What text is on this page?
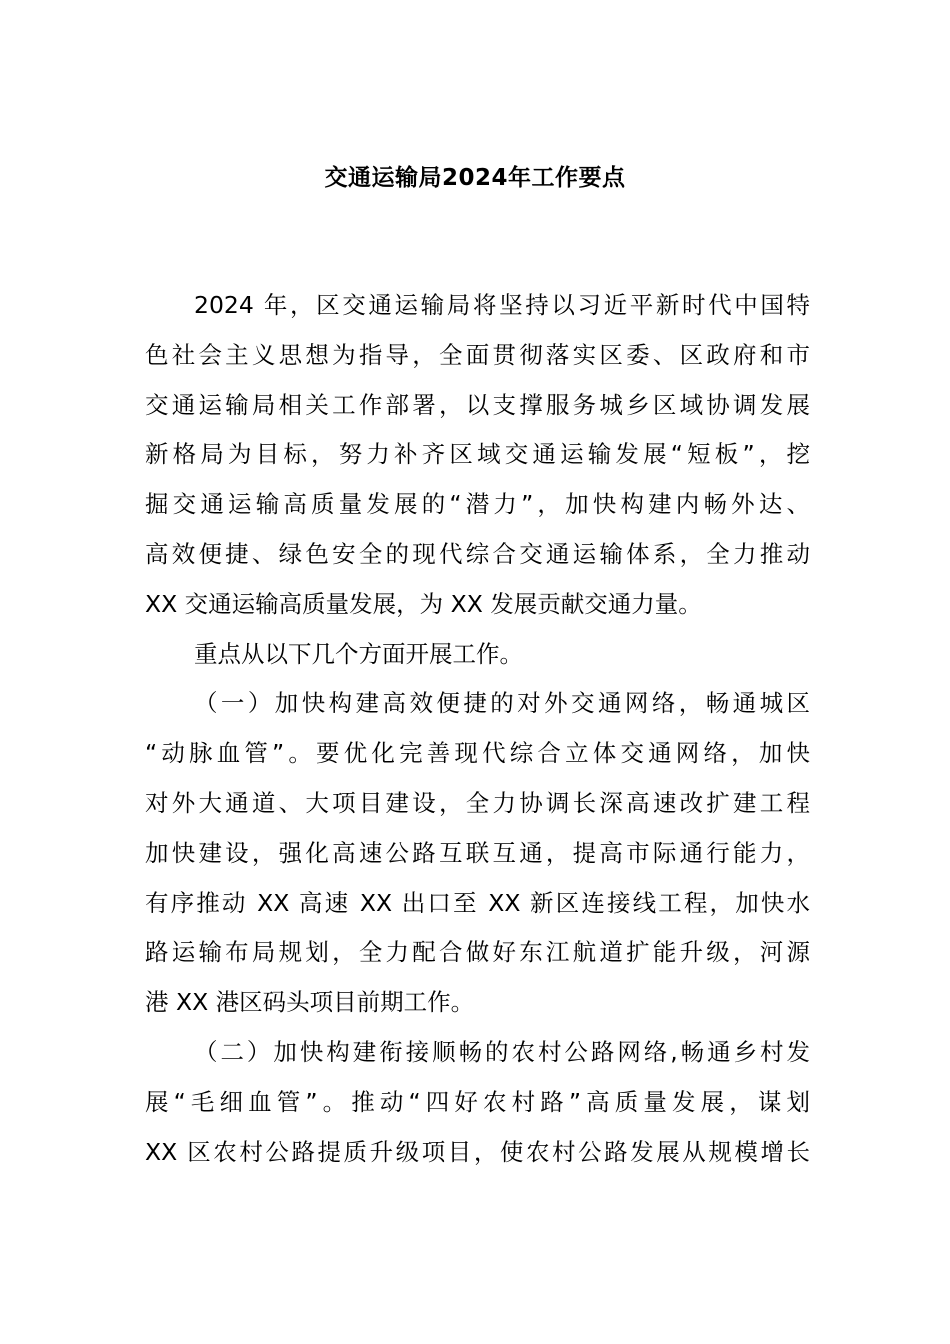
交通运输局2024年工作要点
2024 年，区交通运输局将坚持以习近平新时代中国特
色社会主义思想为指导，全面贯彻落实区委、区政府和市
交通运输局相关工作部署，以支撑服务城乡区域协调发展
新格局为目标，努力补齐区域交通运输发展“短板”，挖
掘交通运输高质量发展的“潜力”，加快构建内畅外达、
高效便捷、绿色安全的现代综合交通运输体系，全力推动
XX 交通运输高质量发展，为 XX 发展贡献交通力量。
重点从以下几个方面开展工作。
（一）加快构建高效便捷的对外交通网络，畅通城区
“动脉血管”。要优化完善现代综合立体交通网络，加快
对外大通道、大项目建设，全力协调长深高速改扩建工程
加快建设，强化高速公路互联互通，提高市际通行能力，
有序推动 XX 高速 XX 出口至 XX 新区连接线工程，加快水
路运输布局规划，全力配合做好东江航道扩能升级，河源
港 XX 港区码头项目前期工作。
（二）加快构建衔接顺畅的农村公路网络,畅通乡村发
展“毛细血管”。推动“四好农村路”高质量发展，谋划
XX 区农村公路提质升级项目，使农村公路发展从规模增长
